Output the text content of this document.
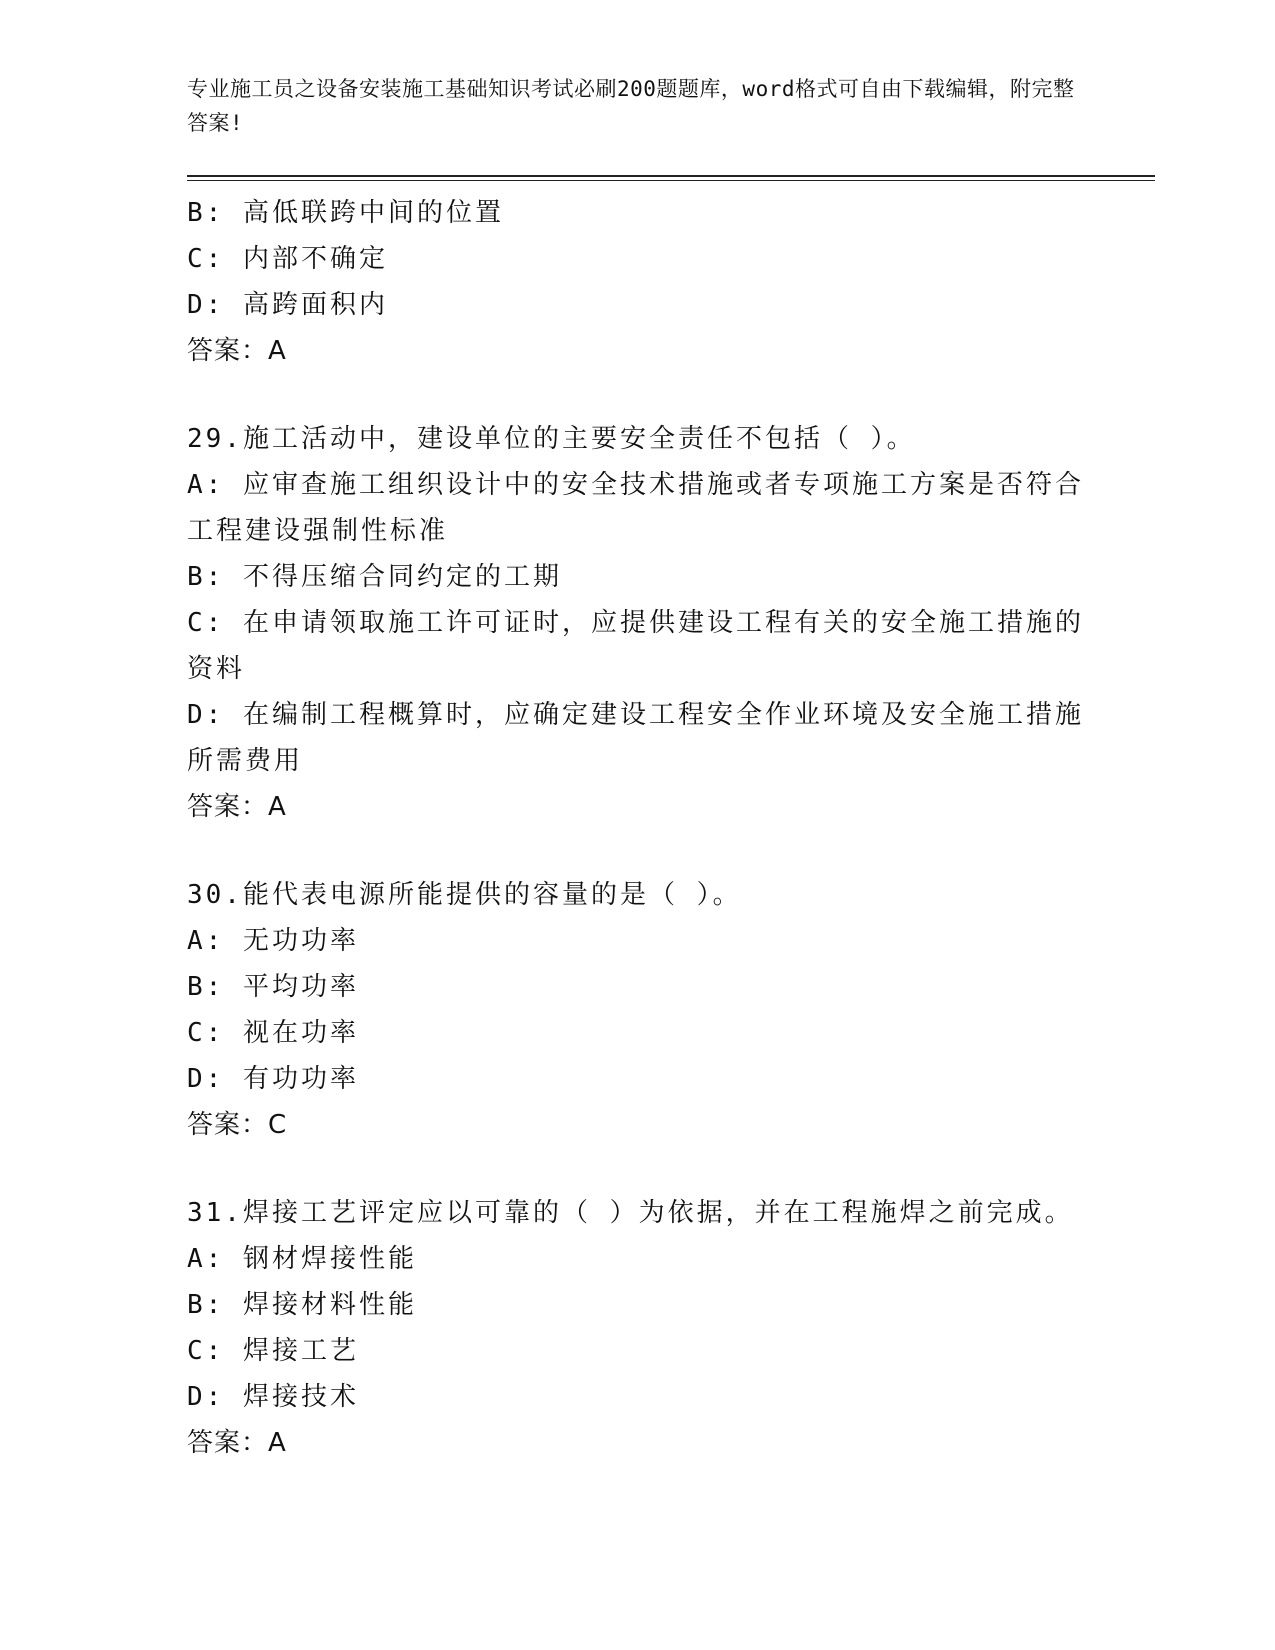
专业施工员之设备安装施工基础知识考试必刷200题题库，word格式可自由下载编辑，附完整答案!
B: 高低联跨中间的位置
C: 内部不确定
D: 高跨面积内
答案：A
29.施工活动中，建设单位的主要安全责任不包括（ ）。
A: 应审查施工组织设计中的安全技术措施或者专项施工方案是否符合工程建设强制性标准
B: 不得压缩合同约定的工期
C: 在申请领取施工许可证时，应提供建设工程有关的安全施工措施的资料
D: 在编制工程概算时，应确定建设工程安全作业环境及安全施工措施所需费用
答案：A
30.能代表电源所能提供的容量的是（ ）。
A: 无功功率
B: 平均功率
C: 视在功率
D: 有功功率
答案：C
31.焊接工艺评定应以可靠的（ ）为依据，并在工程施焊之前完成。
A: 钢材焊接性能
B: 焊接材料性能
C: 焊接工艺
D: 焊接技术
答案：A
